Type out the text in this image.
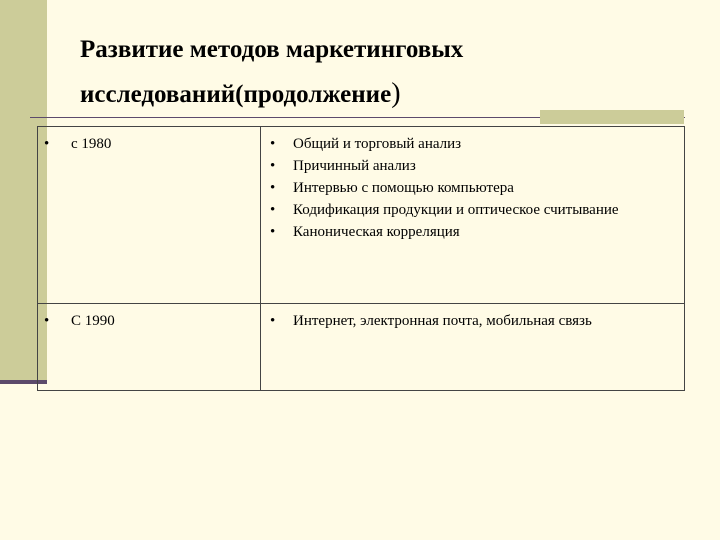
Развитие методов маркетинговых
исследований(продолжение)
• с 1980	• Общий и торговый анализ
• Причинный анализ
• Интервью с помощью компьютера
• Кодификация продукции и оптическое считывание
• Каноническая корреляция

• С 1990	• Интернет, электронная почта, мобильная связь
